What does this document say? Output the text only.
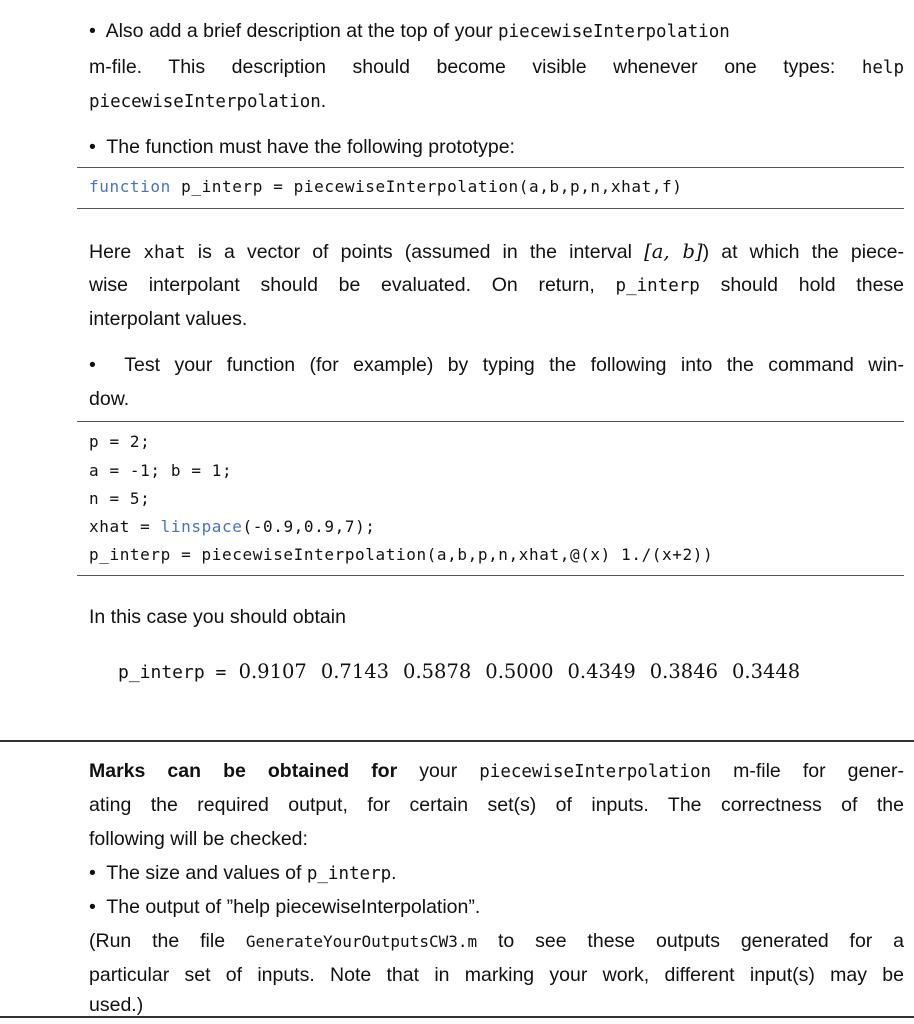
• Also add a brief description at the top of your piecewiseInterpolation
m-file. This description should become visible whenever one types: help
piecewiseInterpolation.
• The function must have the following prototype:
function p_interp = piecewiseInterpolation(a,b,p,n,xhat,f)
Here xhat is a vector of points (assumed in the interval [a, b]) at which the piece-
wise interpolant should be evaluated. On return, p_interp should hold these
interpolant values.
• Test your function (for example) by typing the following into the command win-
dow.
p = 2;
a = -1; b = 1;
n = 5;
xhat = linspace(-0.9,0.9,7);
p_interp = piecewiseInterpolation(a,b,p,n,xhat,@(x) 1./(x+2))
In this case you should obtain
p_interp = 0.9107 0.7143 0.5878 0.5000 0.4349 0.3846 0.3448
Marks can be obtained for your piecewiseInterpolation m-file for gener-
ating the required output, for certain set(s) of inputs. The correctness of the
following will be checked:
• The size and values of p_interp.
• The output of ”help piecewiseInterpolation”.
(Run the file GenerateYourOutputsCW3.m to see these outputs generated for a
particular set of inputs. Note that in marking your work, different input(s) may be
used.)
